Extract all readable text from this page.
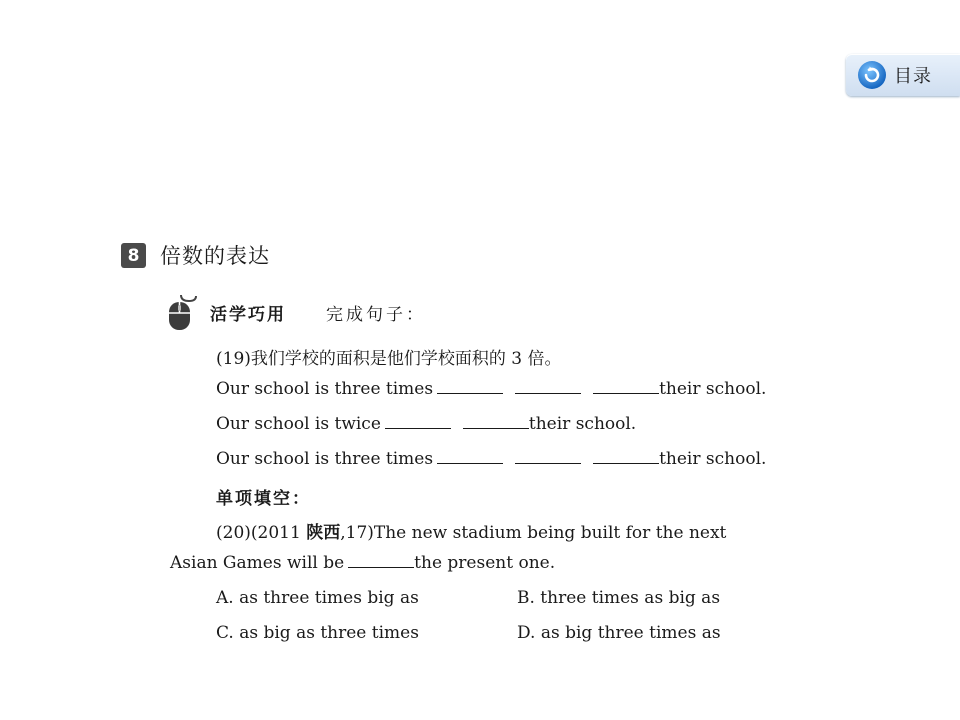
目录
8 倍数的表达
活学巧用 完成句子：
(19)我们学校的面积是他们学校面积的 3 倍。
Our school is three times	their school.
Our school is twice	their school.
Our school is three times	their school.
单项填空：
(20)(2011 陕西,17)The new stadium being built for the next
Asian Games will be	the present one.
A. as three times big as	B. three times as big as
C. as big as three times	D. as big three times as
